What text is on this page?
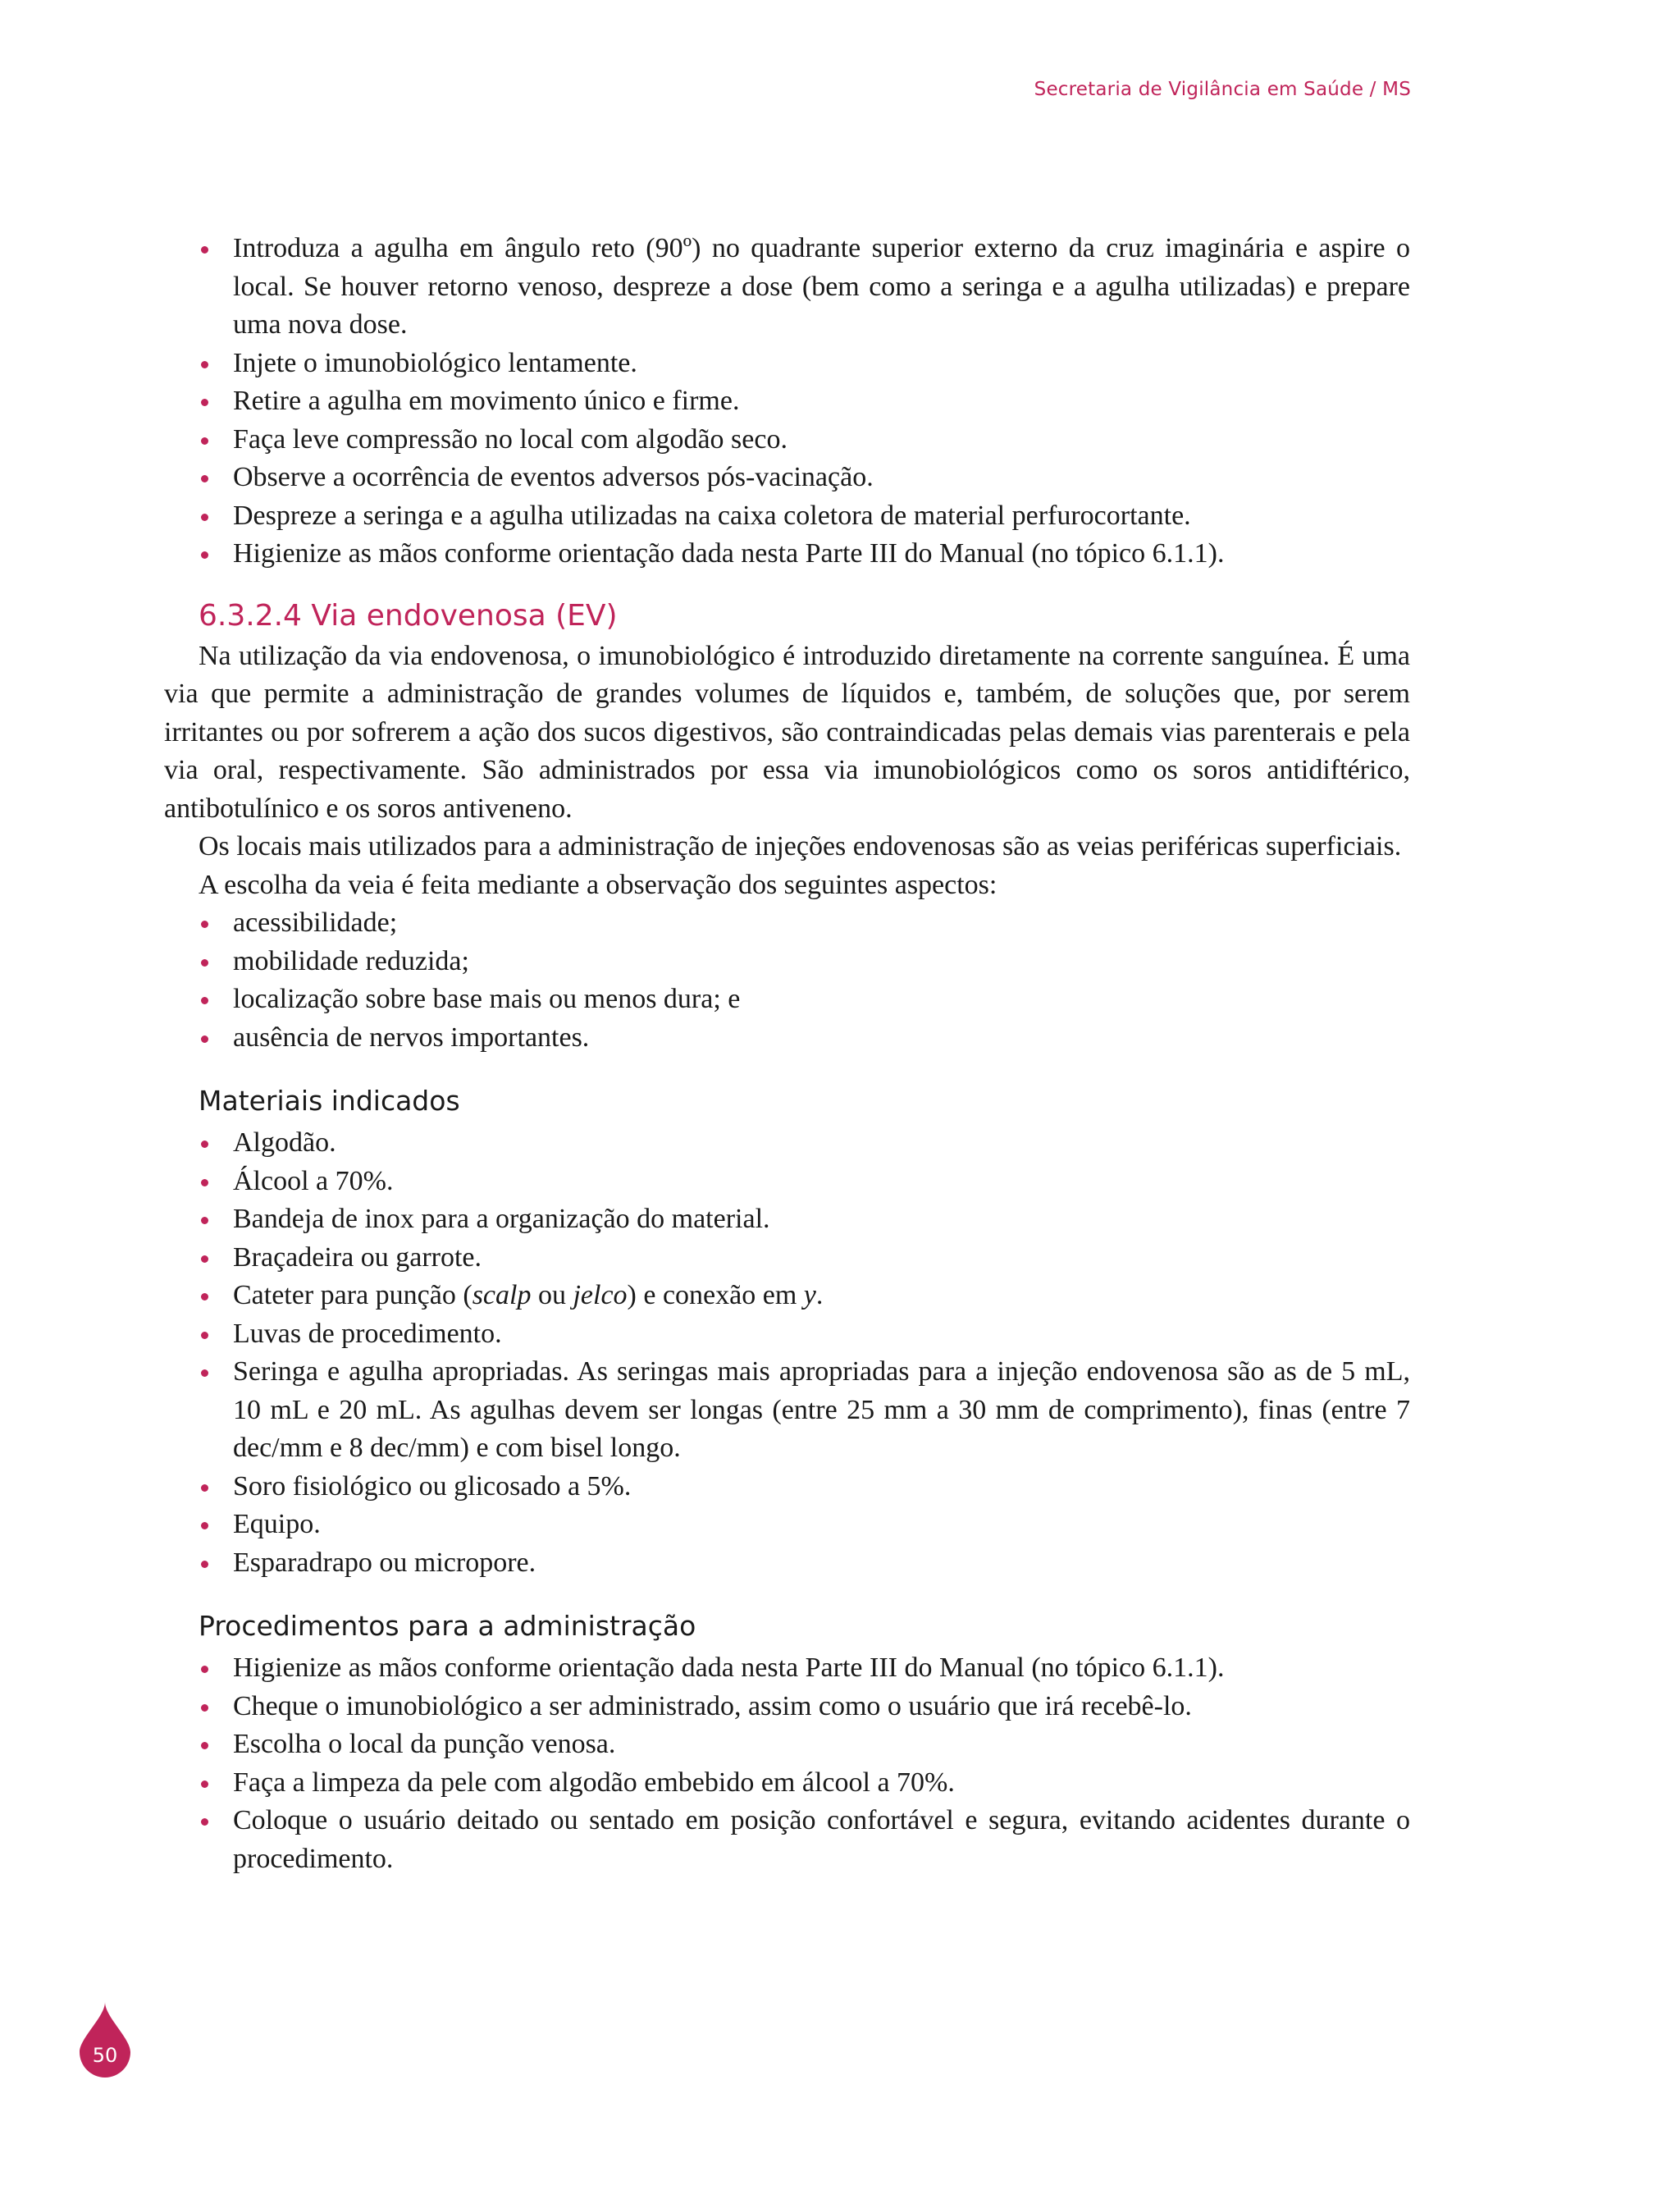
Secretaria de Vigilância em Saúde / MS
Introduza a agulha em ângulo reto (90º) no quadrante superior externo da cruz imaginária e aspire o local. Se houver retorno venoso, despreze a dose (bem como a seringa e a agulha utilizadas) e prepare uma nova dose.
Injete o imunobiológico lentamente.
Retire a agulha em movimento único e firme.
Faça leve compressão no local com algodão seco.
Observe a ocorrência de eventos adversos pós-vacinação.
Despreze a seringa e a agulha utilizadas na caixa coletora de material perfurocortante.
Higienize as mãos conforme orientação dada nesta Parte III do Manual (no tópico 6.1.1).
6.3.2.4 Via endovenosa (EV)

Na utilização da via endovenosa, o imunobiológico é introduzido diretamente na corrente sanguínea. É uma via que permite a administração de grandes volumes de líquidos e, também, de soluções que, por serem irritantes ou por sofrerem a ação dos sucos digestivos, são contraindicadas pelas demais vias parenterais e pela via oral, respectivamente. São administrados por essa via imunobiológicos como os soros antidiftérico, antibotulínico e os soros antiveneno.

Os locais mais utilizados para a administração de injeções endovenosas são as veias periféricas superficiais.

A escolha da veia é feita mediante a observação dos seguintes aspectos:

acessibilidade;
mobilidade reduzida;
localização sobre base mais ou menos dura; e
ausência de nervos importantes.
Materiais indicados
Algodão.
Álcool a 70%.
Bandeja de inox para a organização do material.
Braçadeira ou garrote.
Cateter para punção (scalp ou jelco) e conexão em y.
Luvas de procedimento.
Seringa e agulha apropriadas. As seringas mais apropriadas para a injeção endovenosa são as de 5 mL, 10 mL e 20 mL. As agulhas devem ser longas (entre 25 mm a 30 mm de comprimento), finas (entre 7 dec/mm e 8 dec/mm) e com bisel longo.
Soro fisiológico ou glicosado a 5%.
Equipo.
Esparadrapo ou micropore.
Procedimentos para a administração
Higienize as mãos conforme orientação dada nesta Parte III do Manual (no tópico 6.1.1).
Cheque o imunobiológico a ser administrado, assim como o usuário que irá recebê-lo.
Escolha o local da punção venosa.
Faça a limpeza da pele com algodão embebido em álcool a 70%.
Coloque o usuário deitado ou sentado em posição confortável e segura, evitando acidentes durante o procedimento.
50
